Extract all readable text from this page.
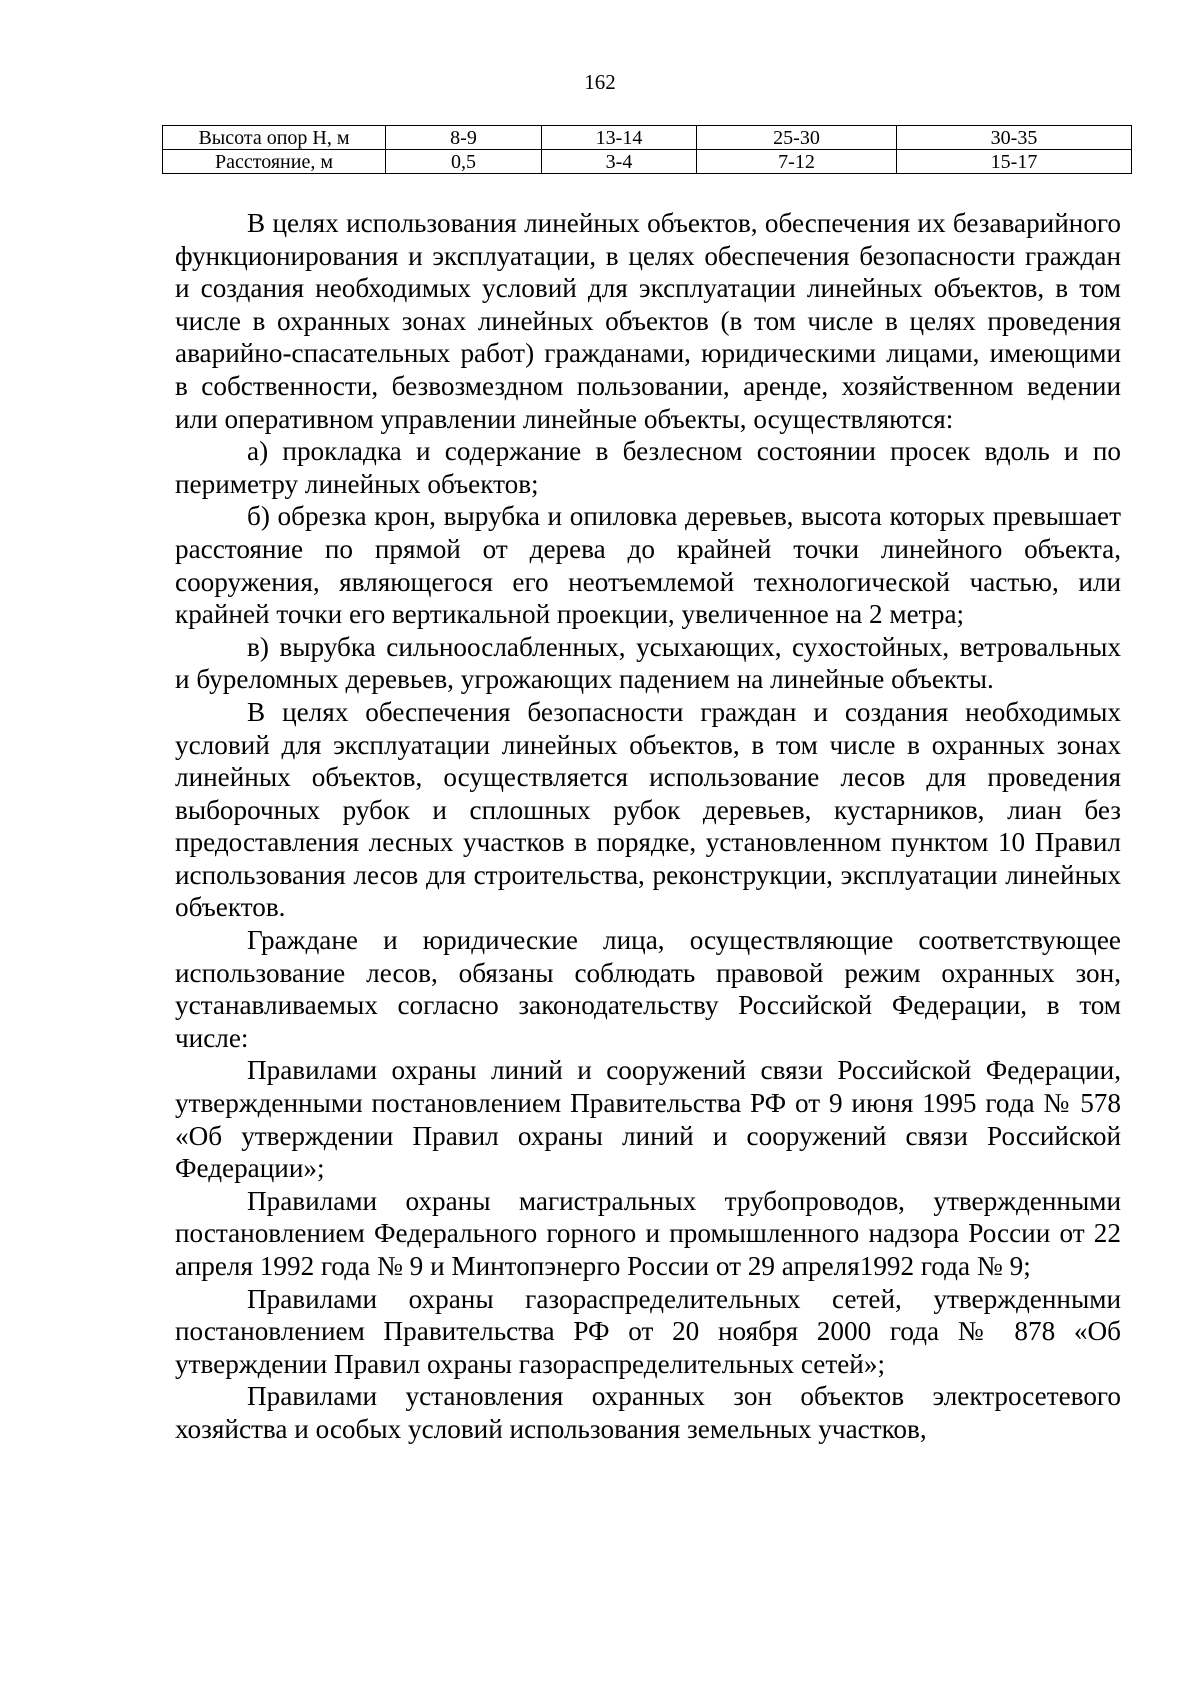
162
Высота опор Н, м	8-9	13-14	25-30	30-35
Расстояние, м	0,5	3-4	7-12	15-17

В целях использования линейных объектов, обеспечения их безаварийного функционирования и эксплуатации, в целях обеспечения безопасности граждан и создания необходимых условий для эксплуатации линейных объектов, в том числе в охранных зонах линейных объектов (в том числе в целях проведения аварийно-спасательных работ) гражданами, юридическими лицами, имеющими в собственности, безвозмездном пользовании, аренде, хозяйственном ведении или оперативном управлении линейные объекты, осуществляются:

а) прокладка и содержание в безлесном состоянии просек вдоль и по периметру линейных объектов;

б) обрезка крон, вырубка и опиловка деревьев, высота которых превышает расстояние по прямой от дерева до крайней точки линейного объекта, сооружения, являющегося его неотъемлемой технологической частью, или крайней точки его вертикальной проекции, увеличенное на 2 метра;

в) вырубка сильноослабленных, усыхающих, сухостойных, ветровальных и буреломных деревьев, угрожающих падением на линейные объекты.

В целях обеспечения безопасности граждан и создания необходимых условий для эксплуатации линейных объектов, в том числе в охранных зонах линейных объектов, осуществляется использование лесов для проведения выборочных рубок и сплошных рубок деревьев, кустарников, лиан без предоставления лесных участков в порядке, установленном пунктом 10 Правил использования лесов для строительства, реконструкции, эксплуатации линейных объектов.

Граждане и юридические лица, осуществляющие соответствующее использование лесов, обязаны соблюдать правовой режим охранных зон, устанавливаемых согласно законодательству Российской Федерации, в том числе:

Правилами охраны линий и сооружений связи Российской Федерации, утвержденными постановлением Правительства РФ от 9 июня 1995 года № 578 «Об утверждении Правил охраны линий и сооружений связи Российской Федерации»;

Правилами охраны магистральных трубопроводов, утвержденными постановлением Федерального горного и промышленного надзора России от 22 апреля 1992 года № 9 и Минтопэнерго России от 29 апреля1992 года № 9;

Правилами охраны газораспределительных сетей, утвержденными постановлением Правительства РФ от 20 ноября 2000 года № 878 «Об утверждении Правил охраны газораспределительных сетей»;

Правилами установления охранных зон объектов электросетевого хозяйства и особых условий использования земельных участков,
